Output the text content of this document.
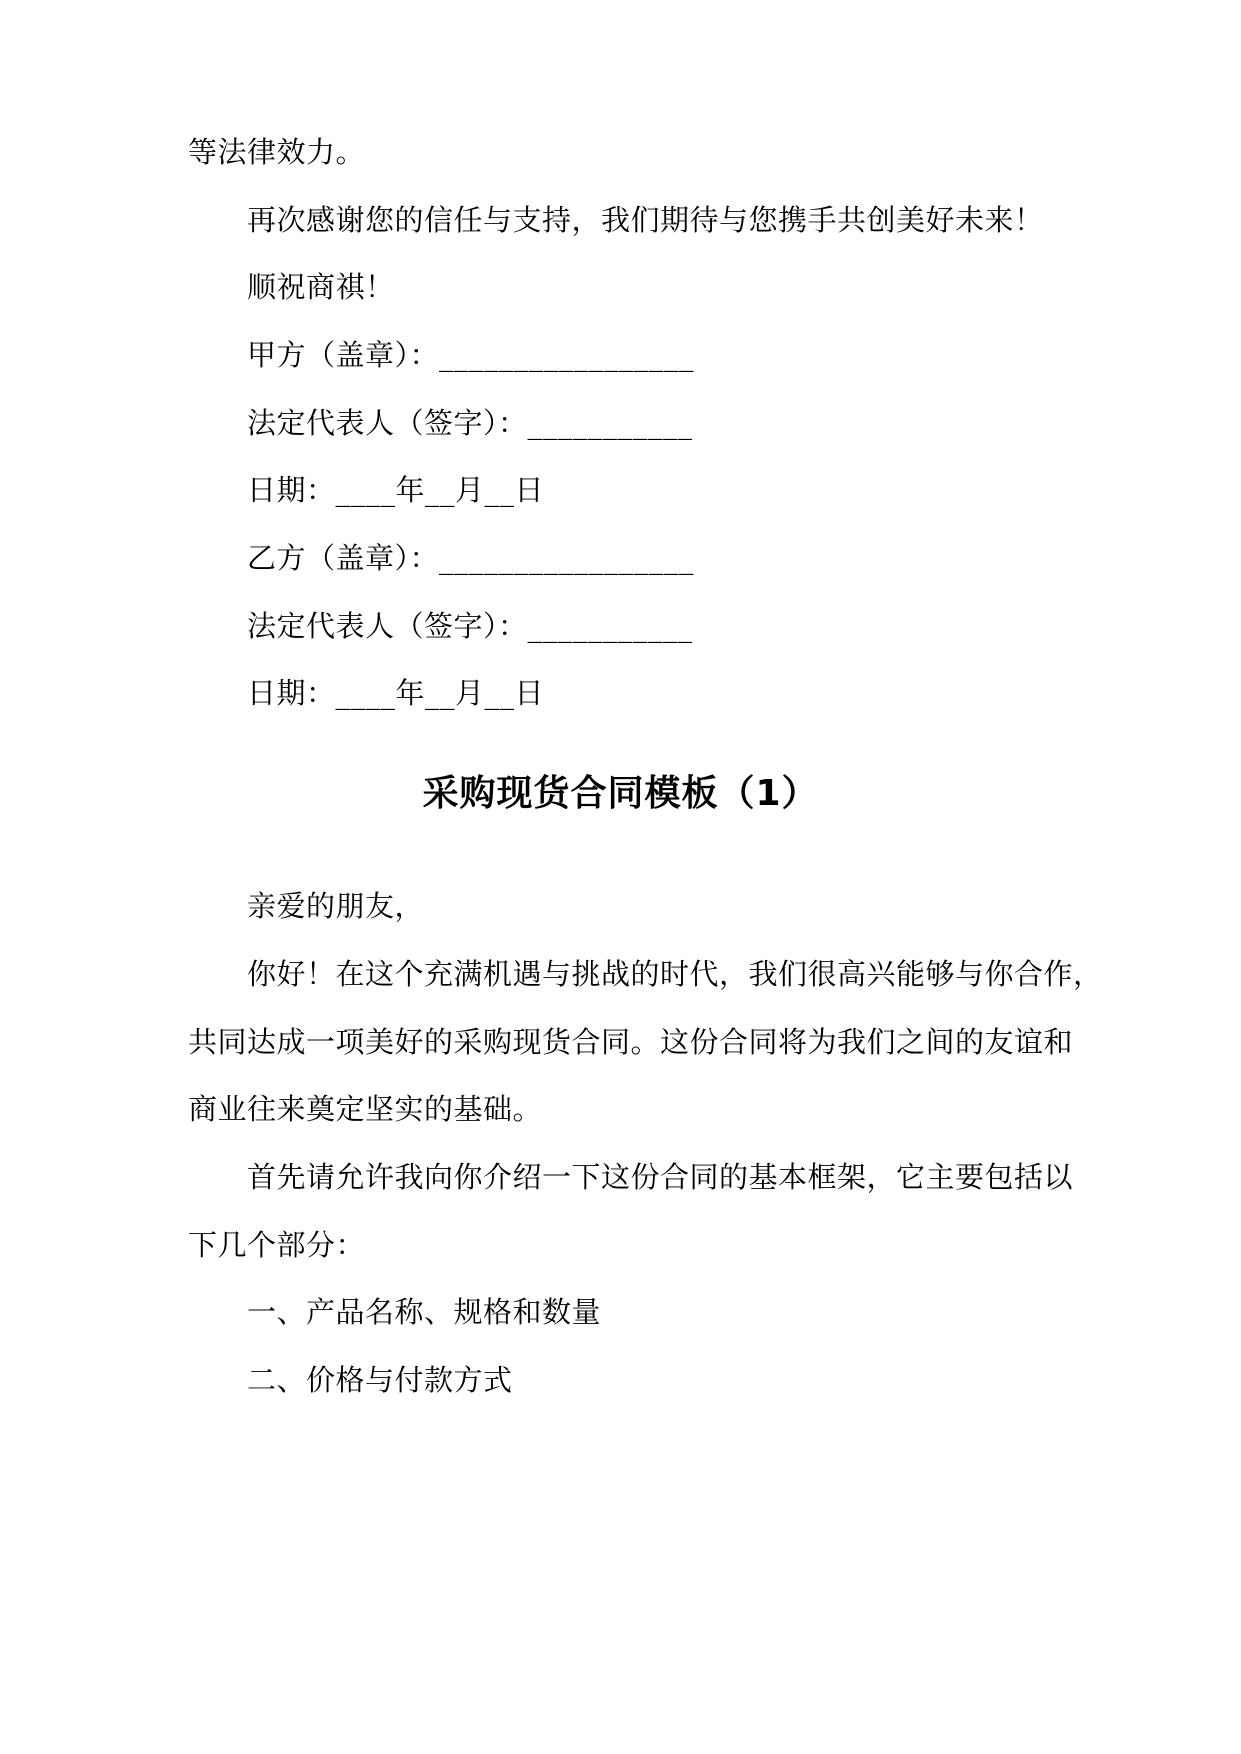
等法律效力。
再次感谢您的信任与支持，我们期待与您携手共创美好未来！
顺祝商祺！
甲方（盖章）：_________________
法定代表人（签字）：___________
日期：____年__月__日
乙方（盖章）：_________________
法定代表人（签字）：___________
日期：____年__月__日
采购现货合同模板（1）
亲爱的朋友，
你好！在这个充满机遇与挑战的时代，我们很高兴能够与你合作，
共同达成一项美好的采购现货合同。这份合同将为我们之间的友谊和
商业往来奠定坚实的基础。
首先请允许我向你介绍一下这份合同的基本框架，它主要包括以
下几个部分：
一、产品名称、规格和数量
二、价格与付款方式
